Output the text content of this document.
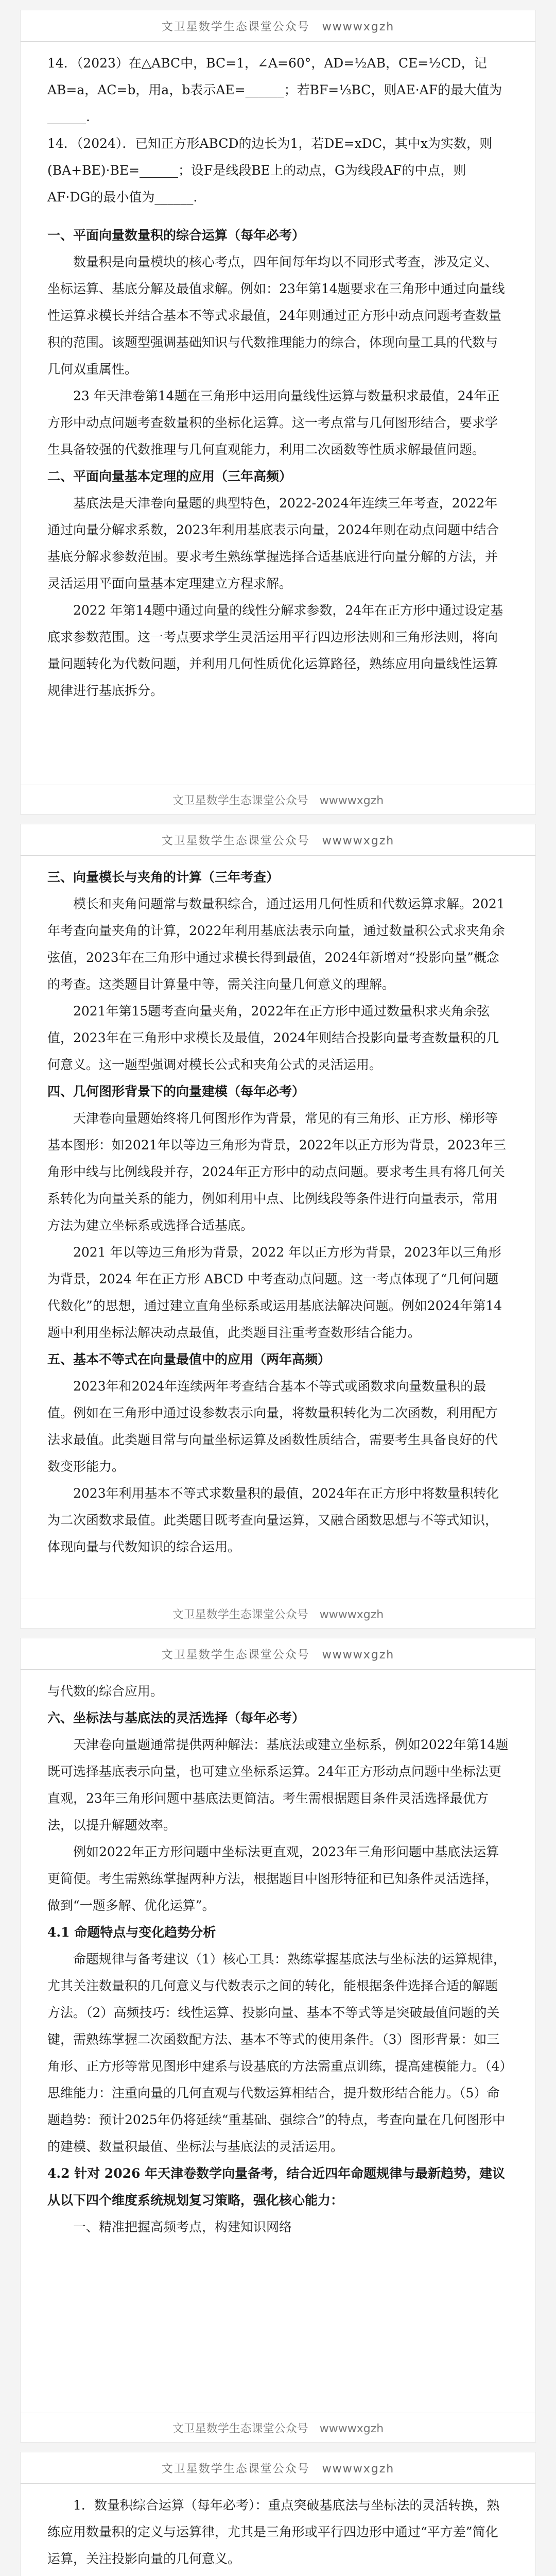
文卫星数学生态课堂公众号　wwwwxgzh

14．（2023）在△ABC中，BC=1，∠A=60°，AD=½AB，CE=½CD，记AB=a，AC=b，用a，b表示AE=______；若BF=⅓BC，则AE·AF的最大值为______.

14．（2024）．已知正方形ABCD的边长为1，若DE=xDC，其中x为实数，则(BA+BE)·BE=______；设F是线段BE上的动点，G为线段AF的中点，则AF·DG的最小值为______.

一、平面向量数量积的综合运算（每年必考）

数量积是向量模块的核心考点，四年间每年均以不同形式考查，涉及定义、坐标运算、基底分解及最值求解。例如：23年第14题要求在三角形中通过向量线性运算求模长并结合基本不等式求最值，24年则通过正方形中动点问题考查数量积的范围。该题型强调基础知识与代数推理能力的综合，体现向量工具的代数与几何双重属性。

23 年天津卷第14题在三角形中运用向量线性运算与数量积求最值，24年正方形中动点问题考查数量积的坐标化运算。这一考点常与几何图形结合，要求学生具备较强的代数推理与几何直观能力，利用二次函数等性质求解最值问题。

二、平面向量基本定理的应用（三年高频）

基底法是天津卷向量题的典型特色，2022-2024年连续三年考查，2022年通过向量分解求系数，2023年利用基底表示向量，2024年则在动点问题中结合基底分解求参数范围。要求考生熟练掌握选择合适基底进行向量分解的方法，并灵活运用平面向量基本定理建立方程求解。

2022 年第14题中通过向量的线性分解求参数，24年在正方形中通过设定基底求参数范围。这一考点要求学生灵活运用平行四边形法则和三角形法则，将向量问题转化为代数问题，并利用几何性质优化运算路径，熟练应用向量线性运算规律进行基底拆分。

文卫星数学生态课堂公众号　wwwwxgzh
文卫星数学生态课堂公众号　wwwwxgzh

三、向量模长与夹角的计算（三年考查）

模长和夹角问题常与数量积综合，通过运用几何性质和代数运算求解。2021年考查向量夹角的计算，2022年利用基底法表示向量，通过数量积公式求夹角余弦值，2023年在三角形中通过求模长得到最值，2024年新增对“投影向量”概念的考查。这类题目计算量中等，需关注向量几何意义的理解。

2021年第15题考查向量夹角，2022年在正方形中通过数量积求夹角余弦值，2023年在三角形中求模长及最值，2024年则结合投影向量考查数量积的几何意义。这一题型强调对模长公式和夹角公式的灵活运用。

四、几何图形背景下的向量建模（每年必考）

天津卷向量题始终将几何图形作为背景，常见的有三角形、正方形、梯形等基本图形：如2021年以等边三角形为背景，2022年以正方形为背景，2023年三角形中线与比例线段并存，2024年正方形中的动点问题。要求考生具有将几何关系转化为向量关系的能力，例如利用中点、比例线段等条件进行向量表示，常用方法为建立坐标系或选择合适基底。

2021 年以等边三角形为背景，2022 年以正方形为背景，2023年以三角形为背景，2024 年在正方形 ABCD 中考查动点问题。这一考点体现了“几何问题代数化”的思想，通过建立直角坐标系或运用基底法解决问题。例如2024年第14题中利用坐标法解决动点最值，此类题目注重考查数形结合能力。

五、基本不等式在向量最值中的应用（两年高频）

2023年和2024年连续两年考查结合基本不等式或函数求向量数量积的最值。例如在三角形中通过设参数表示向量，将数量积转化为二次函数，利用配方法求最值。此类题目常与向量坐标运算及函数性质结合，需要考生具备良好的代数变形能力。

2023年利用基本不等式求数量积的最值，2024年在正方形中将数量积转化为二次函数求最值。此类题目既考查向量运算，又融合函数思想与不等式知识，体现向量与代数知识的综合运用。

文卫星数学生态课堂公众号　wwwwxgzh
文卫星数学生态课堂公众号　wwwwxgzh

与代数的综合应用。

六、坐标法与基底法的灵活选择（每年必考）

天津卷向量题通常提供两种解法：基底法或建立坐标系，例如2022年第14题既可选择基底表示向量，也可建立坐标系运算。24年正方形动点问题中坐标法更直观，23年三角形问题中基底法更简洁。考生需根据题目条件灵活选择最优方法，以提升解题效率。

例如2022年正方形问题中坐标法更直观，2023年三角形问题中基底法运算更简便。考生需熟练掌握两种方法，根据题目中图形特征和已知条件灵活选择，做到“一题多解、优化运算”。

4.1 命题特点与变化趋势分析

命题规律与备考建议（1）核心工具：熟练掌握基底法与坐标法的运算规律，尤其关注数量积的几何意义与代数表示之间的转化，能根据条件选择合适的解题方法。（2）高频技巧：线性运算、投影向量、基本不等式等是突破最值问题的关键，需熟练掌握二次函数配方法、基本不等式的使用条件。（3）图形背景：如三角形、正方形等常见图形中建系与设基底的方法需重点训练，提高建模能力。（4）思维能力：注重向量的几何直观与代数运算相结合，提升数形结合能力。（5）命题趋势：预计2025年仍将延续“重基础、强综合”的特点，考查向量在几何图形中的建模、数量积最值、坐标法与基底法的灵活运用。

4.2 针对 2026 年天津卷数学向量备考，结合近四年命题规律与最新趋势，建议从以下四个维度系统规划复习策略，强化核心能力：

一、精准把握高频考点，构建知识网络

文卫星数学生态课堂公众号　wwwwxgzh
文卫星数学生态课堂公众号　wwwwxgzh

1．数量积综合运算（每年必考）：重点突破基底法与坐标法的灵活转换，熟练应用数量积的定义与运算律，尤其是三角形或平行四边形中通过“平方差”简化运算，关注投影向量的几何意义。
